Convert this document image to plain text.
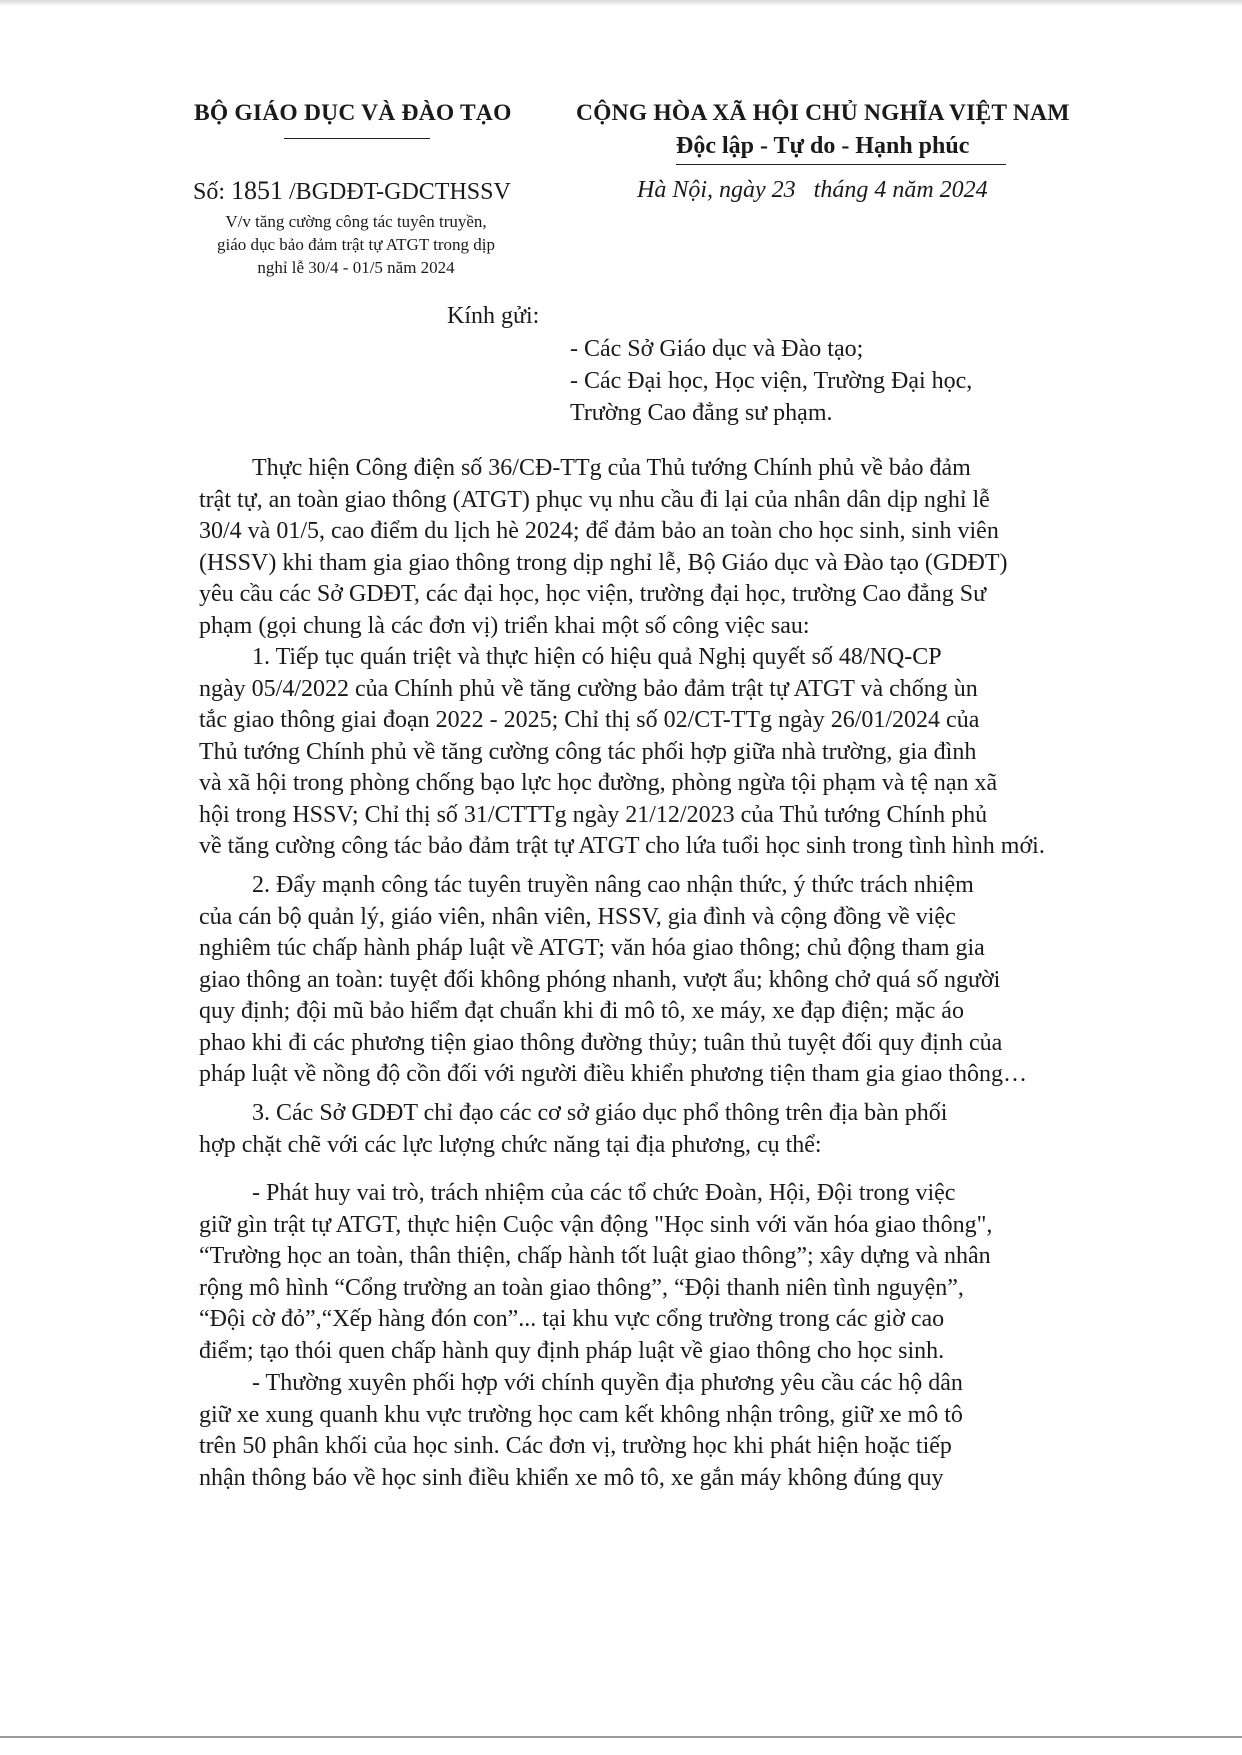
BỘ GIÁO DỤC VÀ ĐÀO TẠO	CỘNG HÒA XÃ HỘI CHỦ NGHĨA VIỆT NAM
Độc lập - Tự do - Hạnh phúc
Số: 1851 /BGDĐT-GDCTHSSV
V/v tăng cường công tác tuyên truyền,
giáo dục bảo đảm trật tự ATGT trong dịp
nghỉ lễ 30/4 - 01/5 năm 2024
Hà Nội, ngày 23   tháng 4 năm 2024
Kính gửi:
- Các Sở Giáo dục và Đào tạo;
- Các Đại học, Học viện, Trường Đại học,
Trường Cao đẳng sư phạm.
Thực hiện Công điện số 36/CĐ-TTg của Thủ tướng Chính phủ về bảo đảm
trật tự, an toàn giao thông (ATGT) phục vụ nhu cầu đi lại của nhân dân dịp nghỉ lễ
30/4 và 01/5, cao điểm du lịch hè 2024; để đảm bảo an toàn cho học sinh, sinh viên
(HSSV) khi tham gia giao thông trong dịp nghỉ lễ, Bộ Giáo dục và Đào tạo (GDĐT)
yêu cầu các Sở GDĐT, các đại học, học viện, trường đại học, trường Cao đẳng Sư
phạm (gọi chung là các đơn vị) triển khai một số công việc sau:
1. Tiếp tục quán triệt và thực hiện có hiệu quả Nghị quyết số 48/NQ-CP
ngày 05/4/2022 của Chính phủ về tăng cường bảo đảm trật tự ATGT và chống ùn
tắc giao thông giai đoạn 2022 - 2025; Chỉ thị số 02/CT-TTg ngày 26/01/2024 của
Thủ tướng Chính phủ về tăng cường công tác phối hợp giữa nhà trường, gia đình
và xã hội trong phòng chống bạo lực học đường, phòng ngừa tội phạm và tệ nạn xã
hội trong HSSV; Chỉ thị số 31/CTTTg ngày 21/12/2023 của Thủ tướng Chính phủ
về tăng cường công tác bảo đảm trật tự ATGT cho lứa tuổi học sinh trong tình hình mới.
2. Đẩy mạnh công tác tuyên truyền nâng cao nhận thức, ý thức trách nhiệm
của cán bộ quản lý, giáo viên, nhân viên, HSSV, gia đình và cộng đồng về việc
nghiêm túc chấp hành pháp luật về ATGT; văn hóa giao thông; chủ động tham gia
giao thông an toàn: tuyệt đối không phóng nhanh, vượt ẩu; không chở quá số người
quy định; đội mũ bảo hiểm đạt chuẩn khi đi mô tô, xe máy, xe đạp điện; mặc áo
phao khi đi các phương tiện giao thông đường thủy; tuân thủ tuyệt đối quy định của
pháp luật về nồng độ cồn đối với người điều khiển phương tiện tham gia giao thông…
3. Các Sở GDĐT chỉ đạo các cơ sở giáo dục phổ thông trên địa bàn phối
hợp chặt chẽ với các lực lượng chức năng tại địa phương, cụ thể:
- Phát huy vai trò, trách nhiệm của các tổ chức Đoàn, Hội, Đội trong việc
giữ gìn trật tự ATGT, thực hiện Cuộc vận động "Học sinh với văn hóa giao thông",
“Trường học an toàn, thân thiện, chấp hành tốt luật giao thông”; xây dựng và nhân
rộng mô hình “Cổng trường an toàn giao thông”, “Đội thanh niên tình nguyện”,
“Đội cờ đỏ”,“Xếp hàng đón con”... tại khu vực cổng trường trong các giờ cao
điểm; tạo thói quen chấp hành quy định pháp luật về giao thông cho học sinh.
- Thường xuyên phối hợp với chính quyền địa phương yêu cầu các hộ dân
giữ xe xung quanh khu vực trường học cam kết không nhận trông, giữ xe mô tô
trên 50 phân khối của học sinh. Các đơn vị, trường học khi phát hiện hoặc tiếp
nhận thông báo về học sinh điều khiển xe mô tô, xe gắn máy không đúng quy
